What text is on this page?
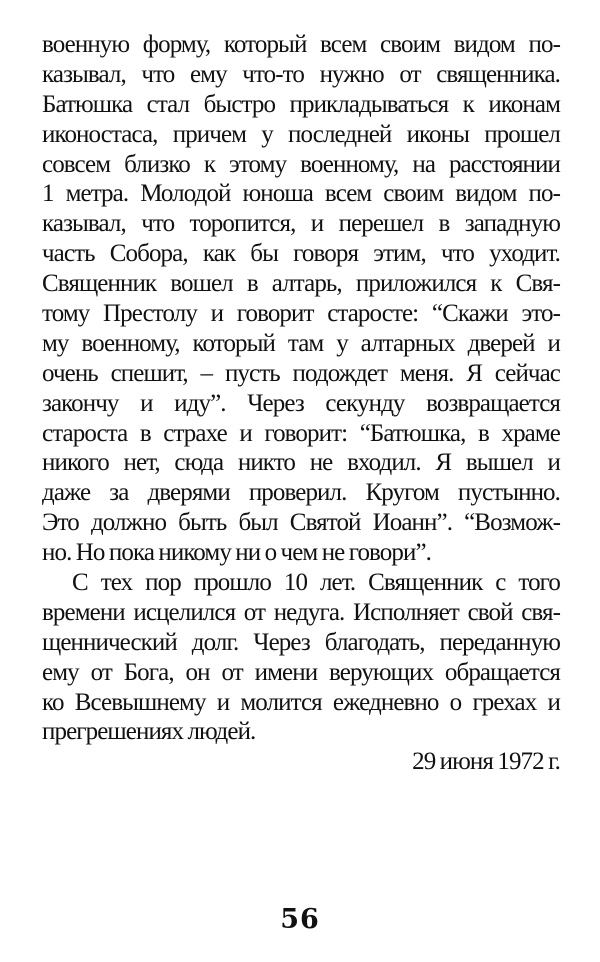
военную форму, который всем своим видом по-
казывал, что ему что-то нужно от священника.
Батюшка стал быстро прикладываться к иконам
иконостаса, причем у последней иконы прошел
совсем близко к этому военному, на расстоянии
1 метра. Молодой юноша всем своим видом по-
казывал, что торопится, и перешел в западную
часть Собора, как бы говоря этим, что уходит.
Священник вошел в алтарь, приложился к Свя-
тому Престолу и говорит старосте: “Скажи это-
му военному, который там у алтарных дверей и
очень спешит, – пусть подождет меня. Я сейчас
закончу и иду”. Через секунду возвращается
староста в страхе и говорит: “Батюшка, в храме
никого нет, сюда никто не входил. Я вышел и
даже за дверями проверил. Кругом пустынно.
Это должно быть был Святой Иоанн”. “Возмож-
но. Но пока никому ни о чем не говори”.
С тех пор прошло 10 лет. Священник с того
времени исцелился от недуга. Исполняет свой свя-
щеннический долг. Через благодать, переданную
ему от Бога, он от имени верующих обращается
ко Всевышнему и молится ежедневно о грехах и
прегрешениях людей.
29 июня 1972 г.
56
